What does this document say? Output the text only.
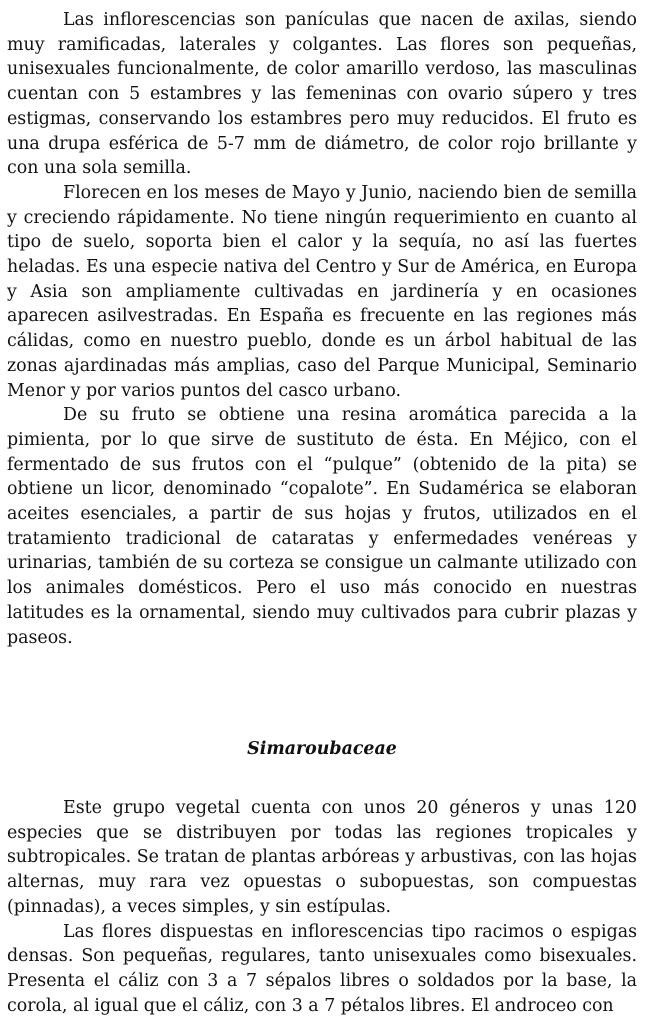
Las inflorescencias son panículas que nacen de axilas, siendo muy ramificadas, laterales y colgantes. Las flores son pequeñas, unisexuales funcionalmente, de color amarillo verdoso, las masculinas cuentan con 5 estambres y las femeninas con ovario súpero y tres estigmas, conservando los estambres pero muy reducidos. El fruto es una drupa esférica de 5-7 mm de diámetro, de color rojo brillante y con una sola semilla.

Florecen en los meses de Mayo y Junio, naciendo bien de semilla y creciendo rápidamente. No tiene ningún requerimiento en cuanto al tipo de suelo, soporta bien el calor y la sequía, no así las fuertes heladas. Es una especie nativa del Centro y Sur de América, en Europa y Asia son ampliamente cultivadas en jardinería y en ocasiones aparecen asilvestradas. En España es frecuente en las regiones más cálidas, como en nuestro pueblo, donde es un árbol habitual de las zonas ajardinadas más amplias, caso del Parque Municipal, Seminario Menor y por varios puntos del casco urbano.

De su fruto se obtiene una resina aromática parecida a la pimienta, por lo que sirve de sustituto de ésta. En Méjico, con el fermentado de sus frutos con el “pulque” (obtenido de la pita) se obtiene un licor, denominado “copalote”. En Sudamérica se elaboran aceites esenciales, a partir de sus hojas y frutos, utilizados en el tratamiento tradicional de cataratas y enfermedades venéreas y urinarias, también de su corteza se consigue un calmante utilizado con los animales domésticos. Pero el uso más conocido en nuestras latitudes es la ornamental, siendo muy cultivados para cubrir plazas y paseos.

Simaroubaceae

Este grupo vegetal cuenta con unos 20 géneros y unas 120 especies que se distribuyen por todas las regiones tropicales y subtropicales. Se tratan de plantas arbóreas y arbustivas, con las hojas alternas, muy rara vez opuestas o subopuestas, son compuestas (pinnadas), a veces simples, y sin estípulas.

Las flores dispuestas en inflorescencias tipo racimos o espigas densas. Son pequeñas, regulares, tanto unisexuales como bisexuales. Presenta el cáliz con 3 a 7 sépalos libres o soldados por la base, la corola, al igual que el cáliz, con 3 a 7 pétalos libres. El androceo con
